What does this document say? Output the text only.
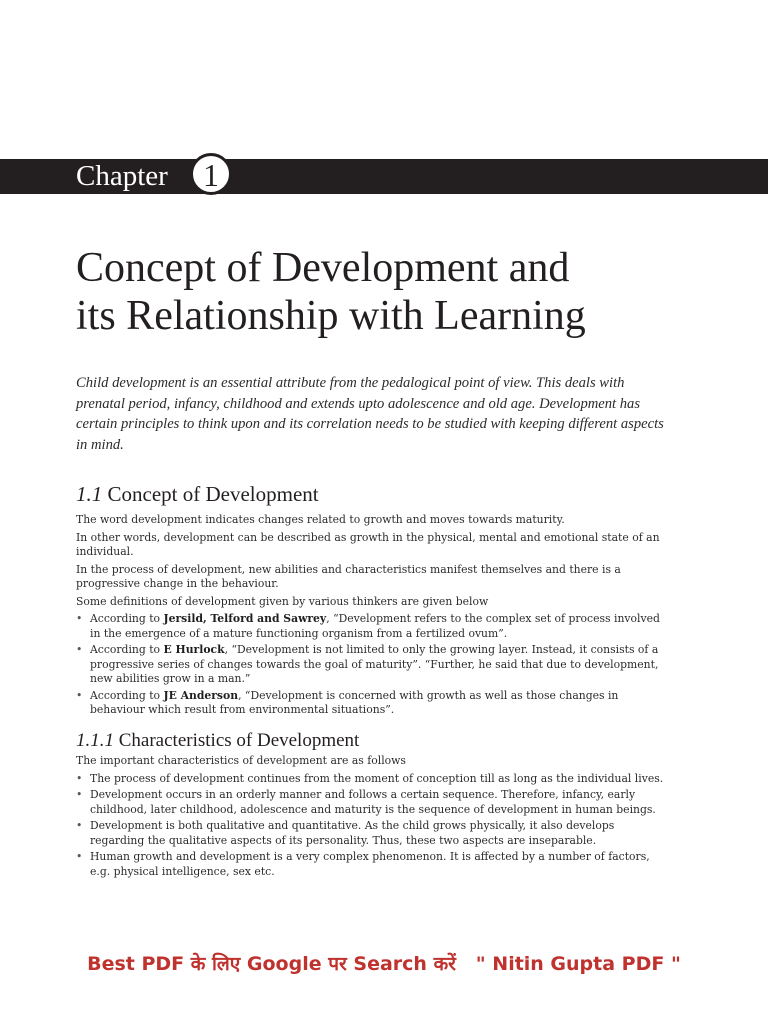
Chapter	1
Concept of Development and
its Relationship with Learning
Child development is an essential attribute from the pedalogical point of view. This deals with prenatal period, infancy, childhood and extends upto adolescence and old age. Development has certain principles to think upon and its correlation needs to be studied with keeping different aspects in mind.
1.1 Concept of Development

The word development indicates changes related to growth and moves towards maturity.

In other words, development can be described as growth in the physical, mental and emotional state of an individual.

In the process of development, new abilities and characteristics manifest themselves and there is a progressive change in the behaviour.

Some definitions of development given by various thinkers are given below

• According to Jersild, Telford and Sawrey, “Development refers to the complex set of process involved in the emergence of a mature functioning organism from a fertilized ovum”.
• According to E Hurlock, “Development is not limited to only the growing layer. Instead, it consists of a progressive series of changes towards the goal of maturity”. “Further, he said that due to development, new abilities grow in a man.”
• According to JE Anderson, “Development is concerned with growth as well as those changes in behaviour which result from environmental situations”.
1.1.1 Characteristics of Development

The important characteristics of development are as follows

• The process of development continues from the moment of conception till as long as the individual lives.
• Development occurs in an orderly manner and follows a certain sequence. Therefore, infancy, early childhood, later childhood, adolescence and maturity is the sequence of development in human beings.
• Development is both qualitative and quantitative. As the child grows physically, it also develops regarding the qualitative aspects of its personality. Thus, these two aspects are inseparable.
• Human growth and development is a very complex phenomenon. It is affected by a number of factors, e.g. physical intelligence, sex etc.
Best PDF के लिए Google पर Search करें   " Nitin Gupta PDF "
